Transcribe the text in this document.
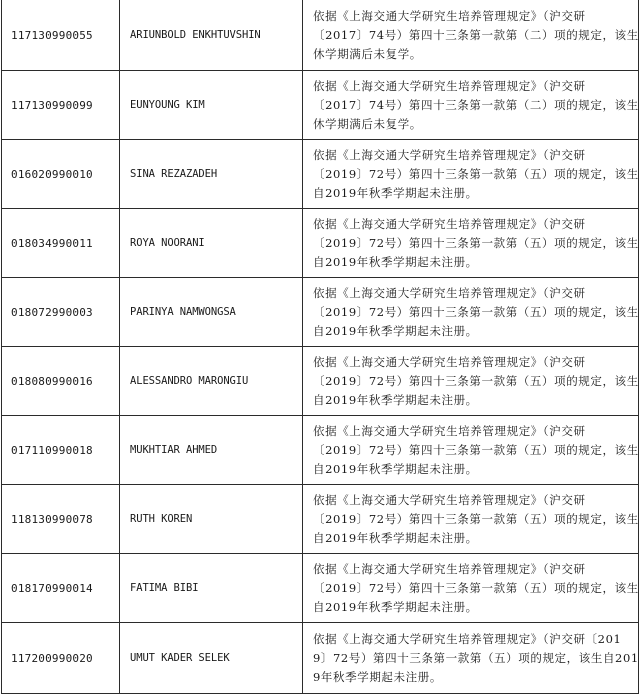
117130990055	ARIUNBOLD ENKHTUVSHIN	依据《上海交通大学研究生培养管理规定》（沪交研
〔2017〕74号）第四十三条第一款第（二）项的规定，该生
休学期满后未复学。

117130990099	EUNYOUNG KIM	依据《上海交通大学研究生培养管理规定》（沪交研
〔2017〕74号）第四十三条第一款第（二）项的规定，该生
休学期满后未复学。

016020990010	SINA REZAZADEH	依据《上海交通大学研究生培养管理规定》（沪交研
〔2019〕72号）第四十三条第一款第（五）项的规定，该生
自2019年秋季学期起未注册。

018034990011	ROYA NOORANI	依据《上海交通大学研究生培养管理规定》（沪交研
〔2019〕72号）第四十三条第一款第（五）项的规定，该生
自2019年秋季学期起未注册。

018072990003	PARINYA NAMWONGSA	依据《上海交通大学研究生培养管理规定》（沪交研
〔2019〕72号）第四十三条第一款第（五）项的规定，该生
自2019年秋季学期起未注册。

018080990016	ALESSANDRO MARONGIU	依据《上海交通大学研究生培养管理规定》（沪交研
〔2019〕72号）第四十三条第一款第（五）项的规定，该生
自2019年秋季学期起未注册。

017110990018	MUKHTIAR AHMED	依据《上海交通大学研究生培养管理规定》（沪交研
〔2019〕72号）第四十三条第一款第（五）项的规定，该生
自2019年秋季学期起未注册。

118130990078	RUTH KOREN	依据《上海交通大学研究生培养管理规定》（沪交研
〔2019〕72号）第四十三条第一款第（五）项的规定，该生
自2019年秋季学期起未注册。

018170990014	FATIMA BIBI	依据《上海交通大学研究生培养管理规定》（沪交研
〔2019〕72号）第四十三条第一款第（五）项的规定，该生
自2019年秋季学期起未注册。

117200990020	UMUT KADER SELEK	依据《上海交通大学研究生培养管理规定》（沪交研〔201
9〕72号）第四十三条第一款第（五）项的规定，该生自201
9年秋季学期起未注册。
